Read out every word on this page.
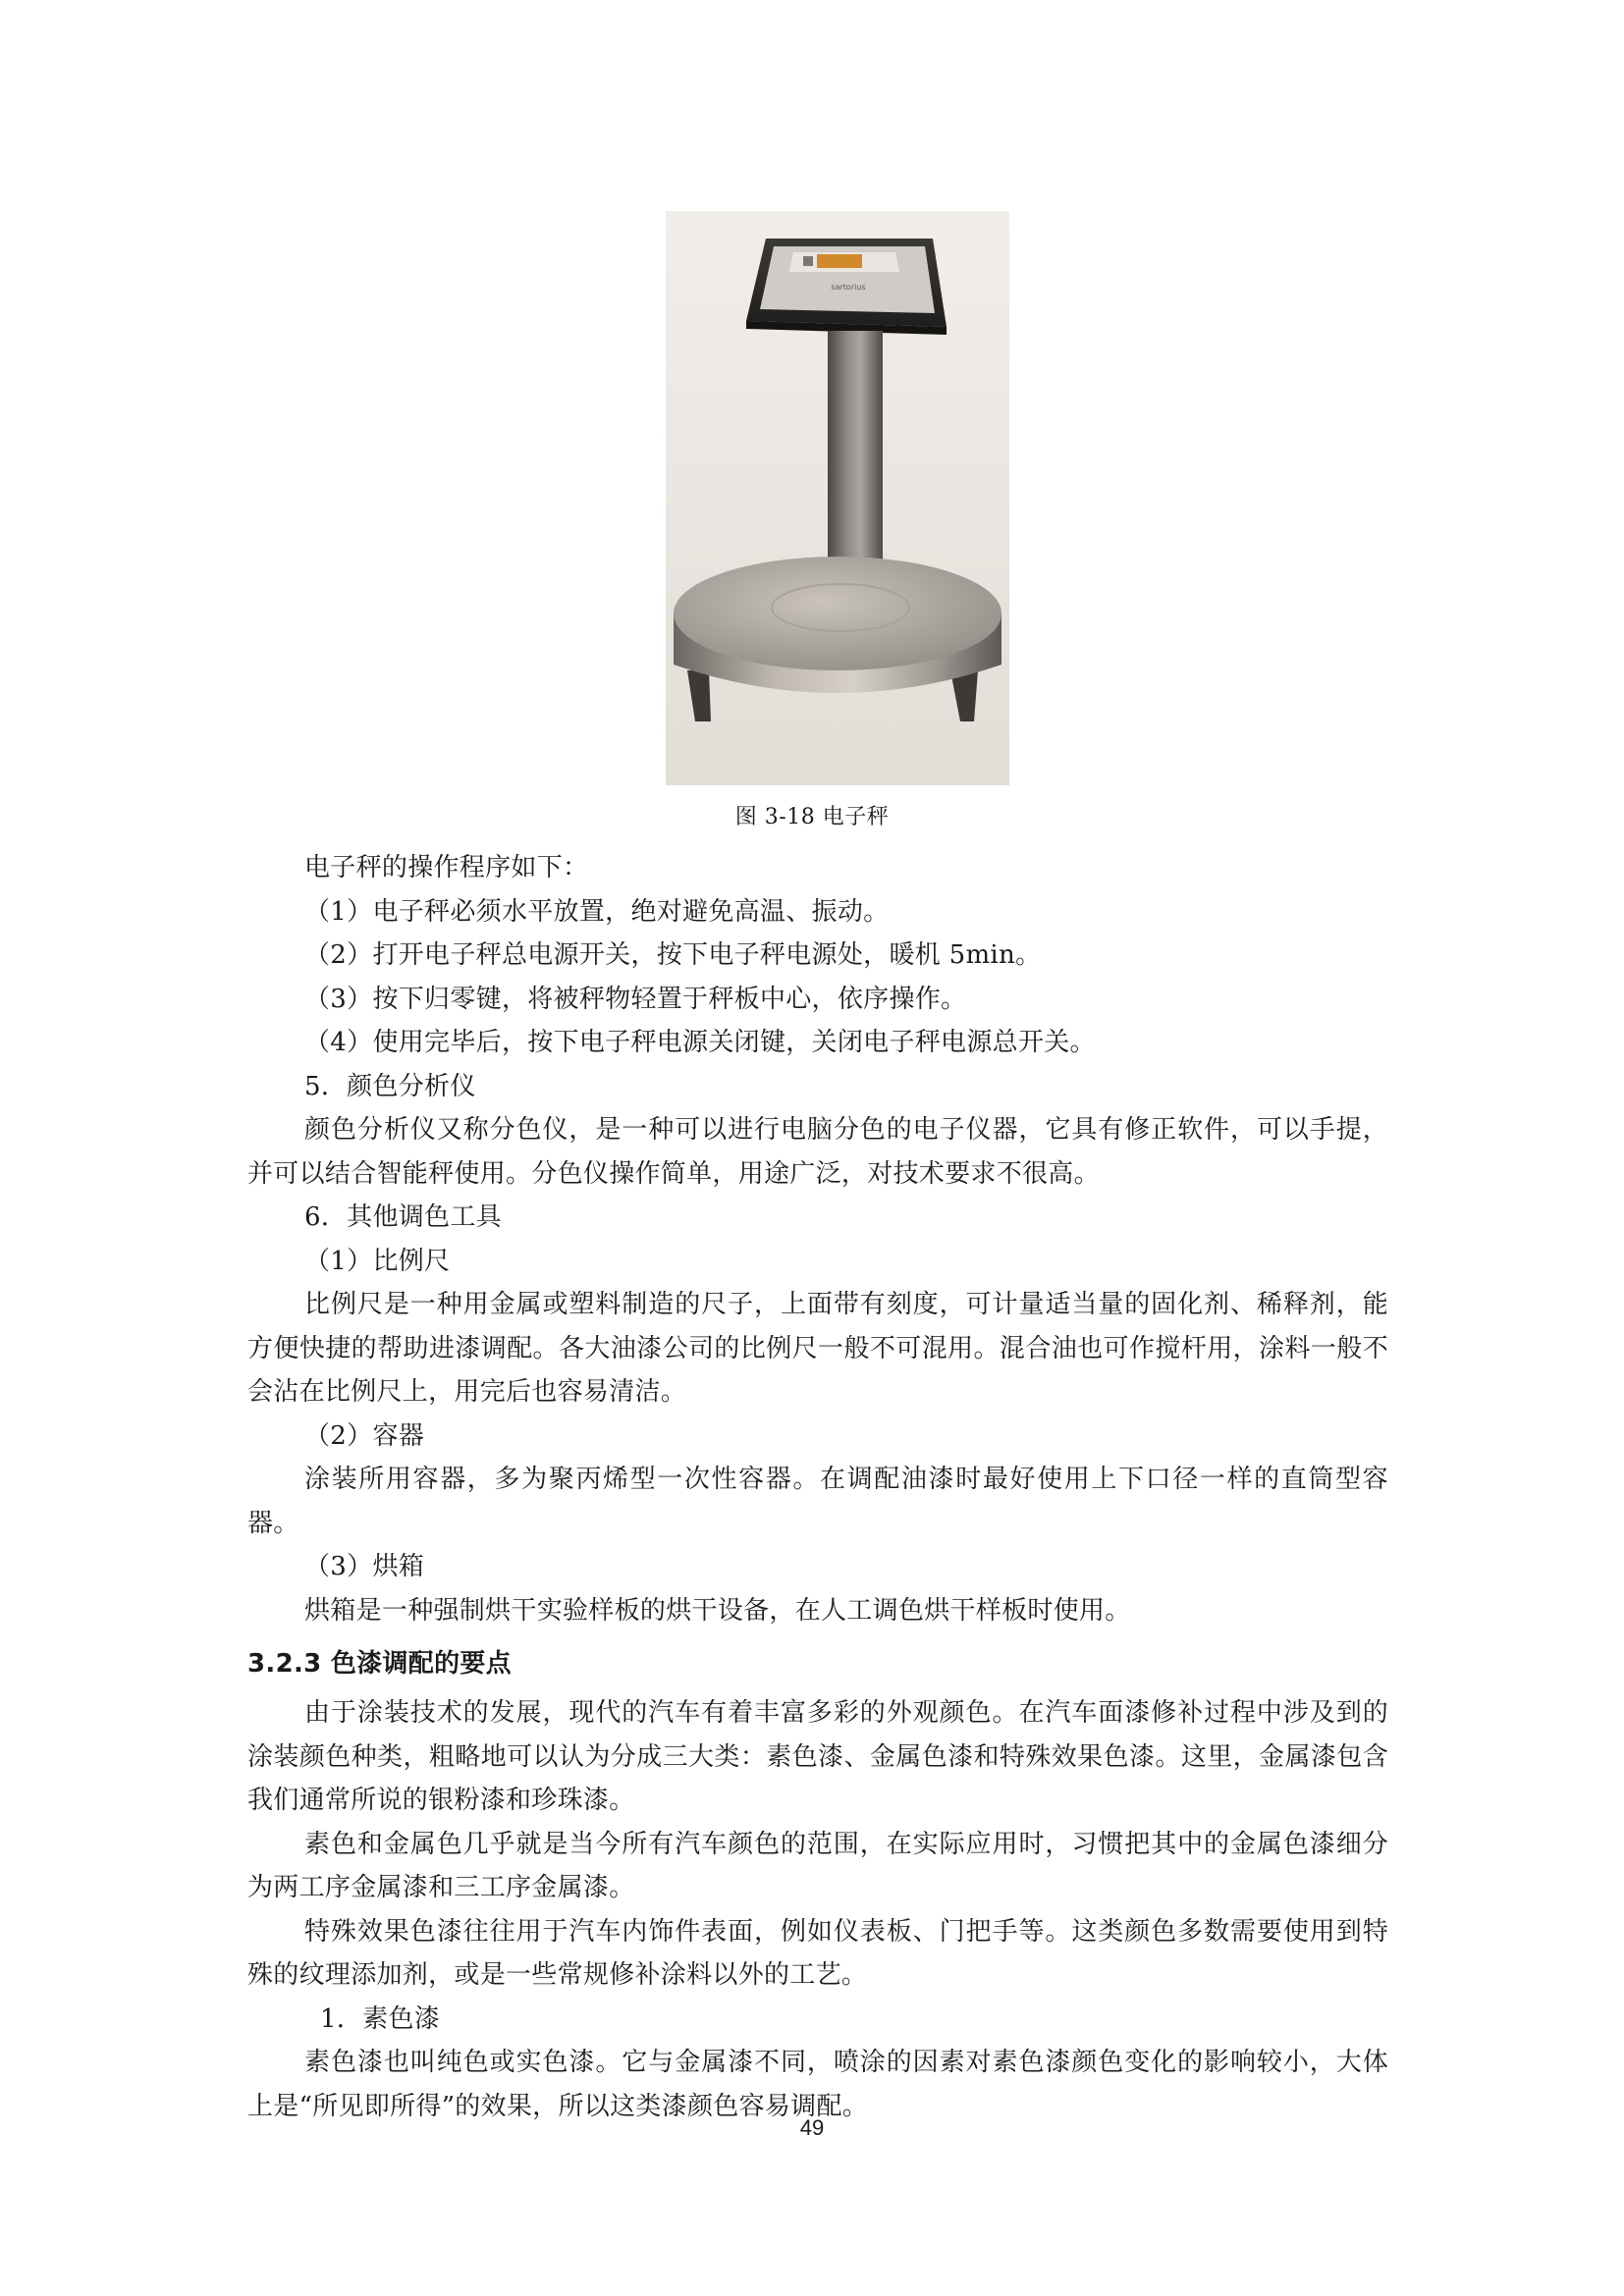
sartorius
图 3-18 电子秤

电子秤的操作程序如下：

（1）电子秤必须水平放置，绝对避免高温、振动。

（2）打开电子秤总电源开关，按下电子秤电源处，暖机 5min。

（3）按下归零键，将被秤物轻置于秤板中心，依序操作。

（4）使用完毕后，按下电子秤电源关闭键，关闭电子秤电源总开关。

5．颜色分析仪

颜色分析仪又称分色仪，是一种可以进行电脑分色的电子仪器，它具有修正软件，可以手提，并可以结合智能秤使用。分色仪操作简单，用途广泛，对技术要求不很高。

6．其他调色工具

（1）比例尺

比例尺是一种用金属或塑料制造的尺子，上面带有刻度，可计量适当量的固化剂、稀释剂，能方便快捷的帮助进漆调配。各大油漆公司的比例尺一般不可混用。混合油也可作搅杆用，涂料一般不会沾在比例尺上，用完后也容易清洁。

（2）容器

涂装所用容器，多为聚丙烯型一次性容器。在调配油漆时最好使用上下口径一样的直筒型容器。

（3）烘箱

烘箱是一种强制烘干实验样板的烘干设备，在人工调色烘干样板时使用。

3.2.3 色漆调配的要点

由于涂装技术的发展，现代的汽车有着丰富多彩的外观颜色。在汽车面漆修补过程中涉及到的涂装颜色种类，粗略地可以认为分成三大类：素色漆、金属色漆和特殊效果色漆。这里，金属漆包含我们通常所说的银粉漆和珍珠漆。

素色和金属色几乎就是当今所有汽车颜色的范围，在实际应用时，习惯把其中的金属色漆细分为两工序金属漆和三工序金属漆。

特殊效果色漆往往用于汽车内饰件表面，例如仪表板、门把手等。这类颜色多数需要使用到特殊的纹理添加剂，或是一些常规修补涂料以外的工艺。

1．素色漆

素色漆也叫纯色或实色漆。它与金属漆不同，喷涂的因素对素色漆颜色变化的影响较小，大体上是“所见即所得”的效果，所以这类漆颜色容易调配。

49
